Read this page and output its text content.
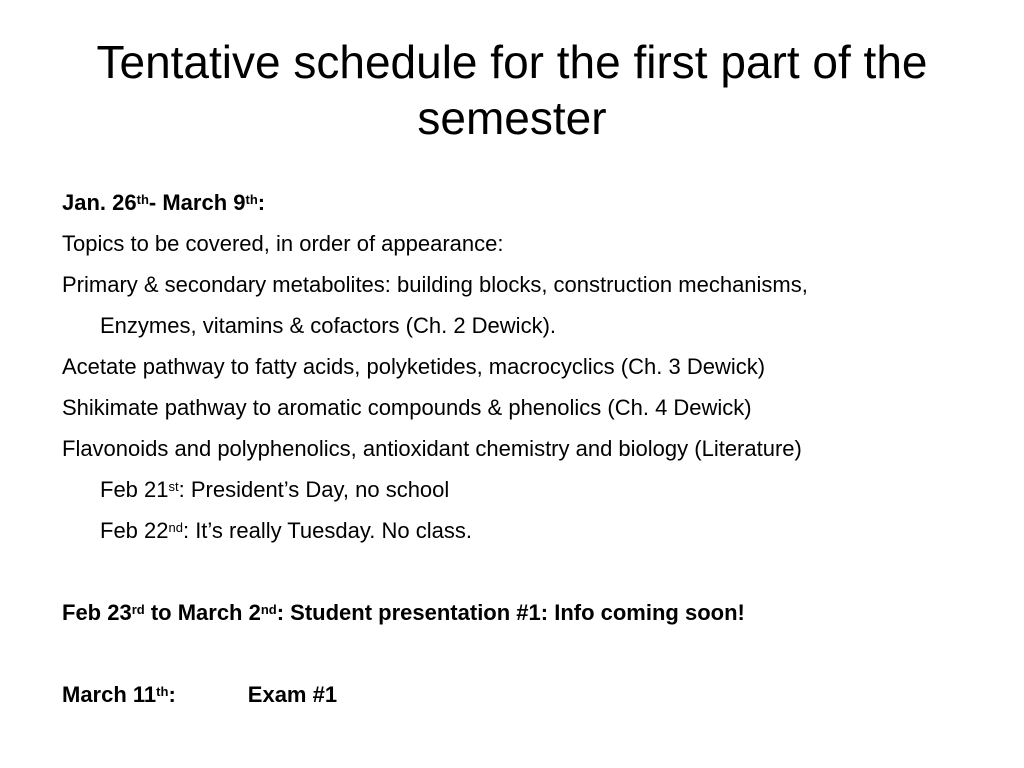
Tentative schedule for the first part of the semester
Jan. 26th- March 9th:
Topics to be covered, in order of appearance:
Primary & secondary metabolites: building blocks, construction mechanisms,
Enzymes, vitamins & cofactors (Ch. 2 Dewick).
Acetate pathway to fatty acids, polyketides, macrocyclics (Ch. 3 Dewick)
Shikimate pathway to aromatic compounds & phenolics (Ch. 4 Dewick)
Flavonoids and polyphenolics, antioxidant chemistry and biology (Literature)
Feb 21st: President’s Day, no school
Feb 22nd: It’s really Tuesday. No class.
Feb 23rd to March 2nd: Student presentation #1: Info coming soon!
March 11th:	Exam #1
